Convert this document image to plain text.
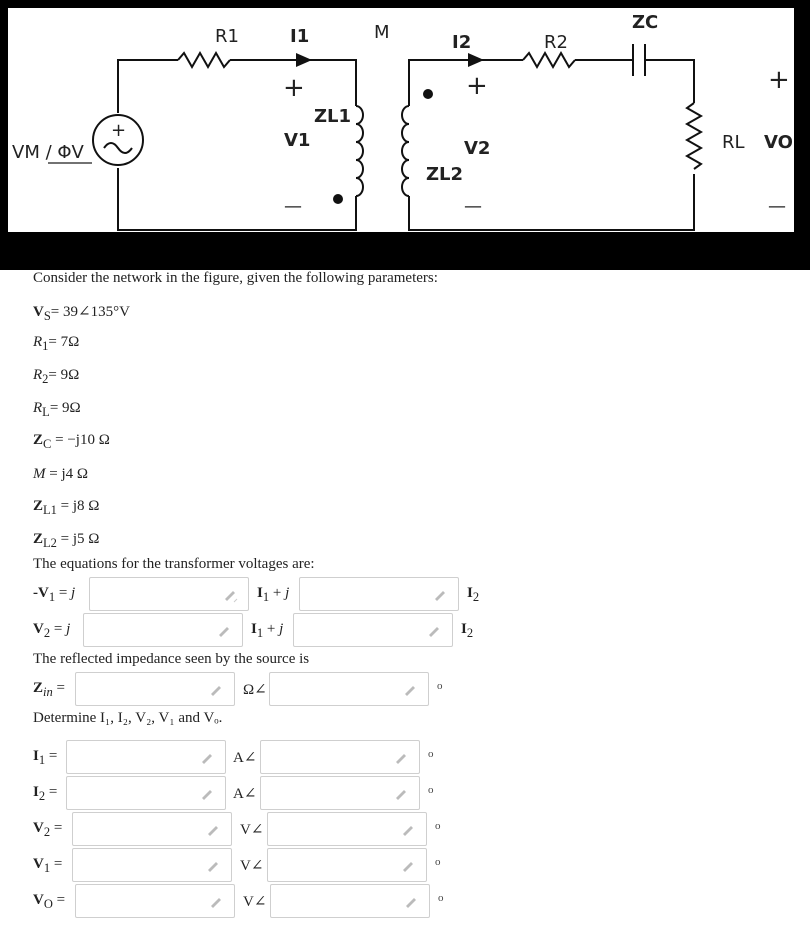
+
VM / ΦV
R1	I1	M	I2	R2
ZC
ZL1
ZL2
+
V1
—
+
V2
—
+
RL VO
—
Consider the network in the figure, given the following parameters:
$V_S=$ 39∠135°V
$R_1= 7\Omega$
$R_2= 9\Omega$
$R_L= 9\Omega$
$Z_C = -j10$ Ω
M = j4 Ω
$Z_{L1} = j8$ Ω
$Z_{L2} = j5$ Ω
The equations for the transformer voltages are:
$-V_1 = j$	$I_1 + j$	$I_2$
$V_2 = j$	$I_1 + j$	$I_2$
The reflected impedance seen by the source is
$Z_{in}$ =	Ω∠	o
Determine I₁, I₂, V₂, V₁ and Vₒ.
$I_1$ =	A∠	o
$I_2$ =	A∠	o
$V_2$ =	V∠	o
$V_1$ =	V∠	o
$V_O$ =	V∠	o
